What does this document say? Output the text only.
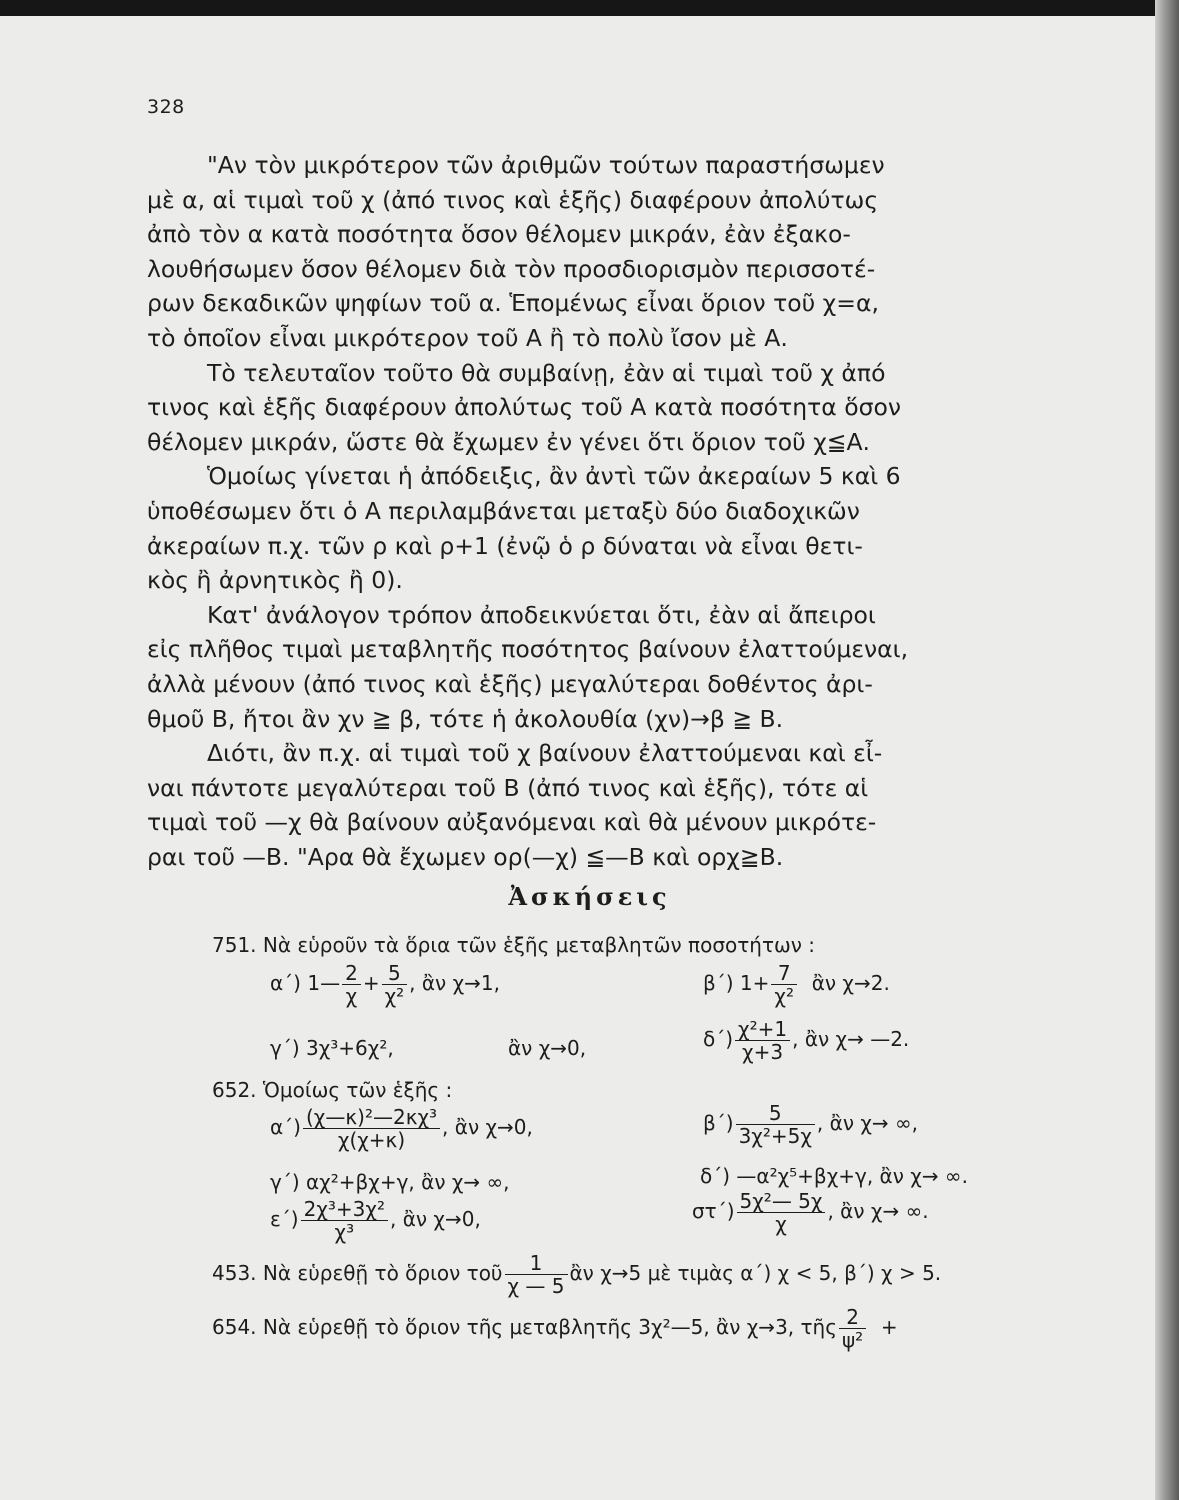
328

"Αν τὸν μικρότερον τῶν ἀριθμῶν τούτων παραστήσωμεν

μὲ α, αἱ τιμαὶ τοῦ χ (ἀπό τινος καὶ ἑξῆς) διαφέρουν ἀπολύτως

ἀπὸ τὸν α κατὰ ποσότητα ὅσον θέλομεν μικράν, ἐὰν ἐξακο-

λουθήσωμεν ὅσον θέλομεν διὰ τὸν προσδιορισμὸν περισσοτέ-

ρων δεκαδικῶν ψηφίων τοῦ α. Ἑπομένως εἶναι ὅριον τοῦ χ=α,

τὸ ὁποῖον εἶναι μικρότερον τοῦ Α ἢ τὸ πολὺ ἴσον μὲ Α.

Τὸ τελευταῖον τοῦτο θὰ συμβαίνῃ, ἐὰν αἱ τιμαὶ τοῦ χ ἀπό

τινος καὶ ἑξῆς διαφέρουν ἀπολύτως τοῦ Α κατὰ ποσότητα ὅσον

θέλομεν μικράν, ὥστε θὰ ἔχωμεν ἐν γένει ὅτι ὅριον τοῦ χ≦Α.

Ὁμοίως γίνεται ἡ ἀπόδειξις, ἂν ἀντὶ τῶν ἀκεραίων 5 καὶ 6

ὑποθέσωμεν ὅτι ὁ Α περιλαμβάνεται μεταξὺ δύο διαδοχικῶν

ἀκεραίων π.χ. τῶν ρ καὶ ρ+1 (ἐνῷ ὁ ρ δύναται νὰ εἶναι θετι-

κὸς ἢ ἀρνητικὸς ἢ 0).

Κατ' ἀνάλογον τρόπον ἀποδεικνύεται ὅτι, ἐὰν αἱ ἄπειροι

εἰς πλῆθος τιμαὶ μεταβλητῆς ποσότητος βαίνουν ἐλαττούμεναι,

ἀλλὰ μένουν (ἀπό τινος καὶ ἑξῆς) μεγαλύτεραι δοθέντος ἀρι-

θμοῦ Β, ἤτοι ἂν χν ≧ β, τότε ἡ ἀκολουθία (χν)→β ≧ Β.

Διότι, ἂν π.χ. αἱ τιμαὶ τοῦ χ βαίνουν ἐλαττούμεναι καὶ εἶ-

ναι πάντοτε μεγαλύτεραι τοῦ Β (ἀπό τινος καὶ ἑξῆς), τότε αἱ

τιμαὶ τοῦ —χ θὰ βαίνουν αὐξανόμεναι καὶ θὰ μένουν μικρότε-

ραι τοῦ —Β. "Αρα θὰ ἔχωμεν ορ(—χ) ≦—Β καὶ ορχ≧Β.

Ἀσκήσεις
751. Νὰ εὑροῦν τὰ ὅρια τῶν ἑξῆς μεταβλητῶν ποσοτήτων :
α΄) 1— $\frac{2}{\chi} + \frac{5}{\text{χ²}}$ , ἂν χ→1,	β΄) $1+ \frac{7}{\text{χ²}}$ ἂν χ→2.
γ΄) 3χ³+6χ²,	ἂν χ→0,	$\delta΄) \frac{\text{χ²+1}}{\chi+3}$ , ἂν χ→ —2.
652. Ὁμοίως τῶν ἑξῆς :
$\alpha΄) \frac{\text{(χ—κ)²—2κχ³}}{\chi(\chi+\kappa)}$ , ἂν χ→0,	$\beta΄) \frac{5}{\text{3χ²+5χ}}$ , ἂν χ→ ∞,
γ΄) αχ²+βχ+γ, ἂν χ→ ∞,	δ΄) —α²χ⁵+βχ+γ, ἂν χ→ ∞.
$\varepsilon΄) \frac{\text{2χ³+3χ²}}{\text{χ³}}$ , ἂν χ→0,	$\sigma\tau΄) \frac{\text{5χ²— 5χ}}{\chi}$ , ἂν χ→ ∞.
453. Νὰ εὑρεθῇ τὸ ὅριον τοῦ $\frac{1}{\chi — 5}$ ἂν χ→5 μὲ τιμὰς α΄) χ < 5, β΄) χ > 5.
654. Νὰ εὑρεθῇ τὸ ὅριον τῆς μεταβλητῆς 3χ²—5, ἂν χ→3, τῆς $\frac{2}{\text{ψ²}}$ +
